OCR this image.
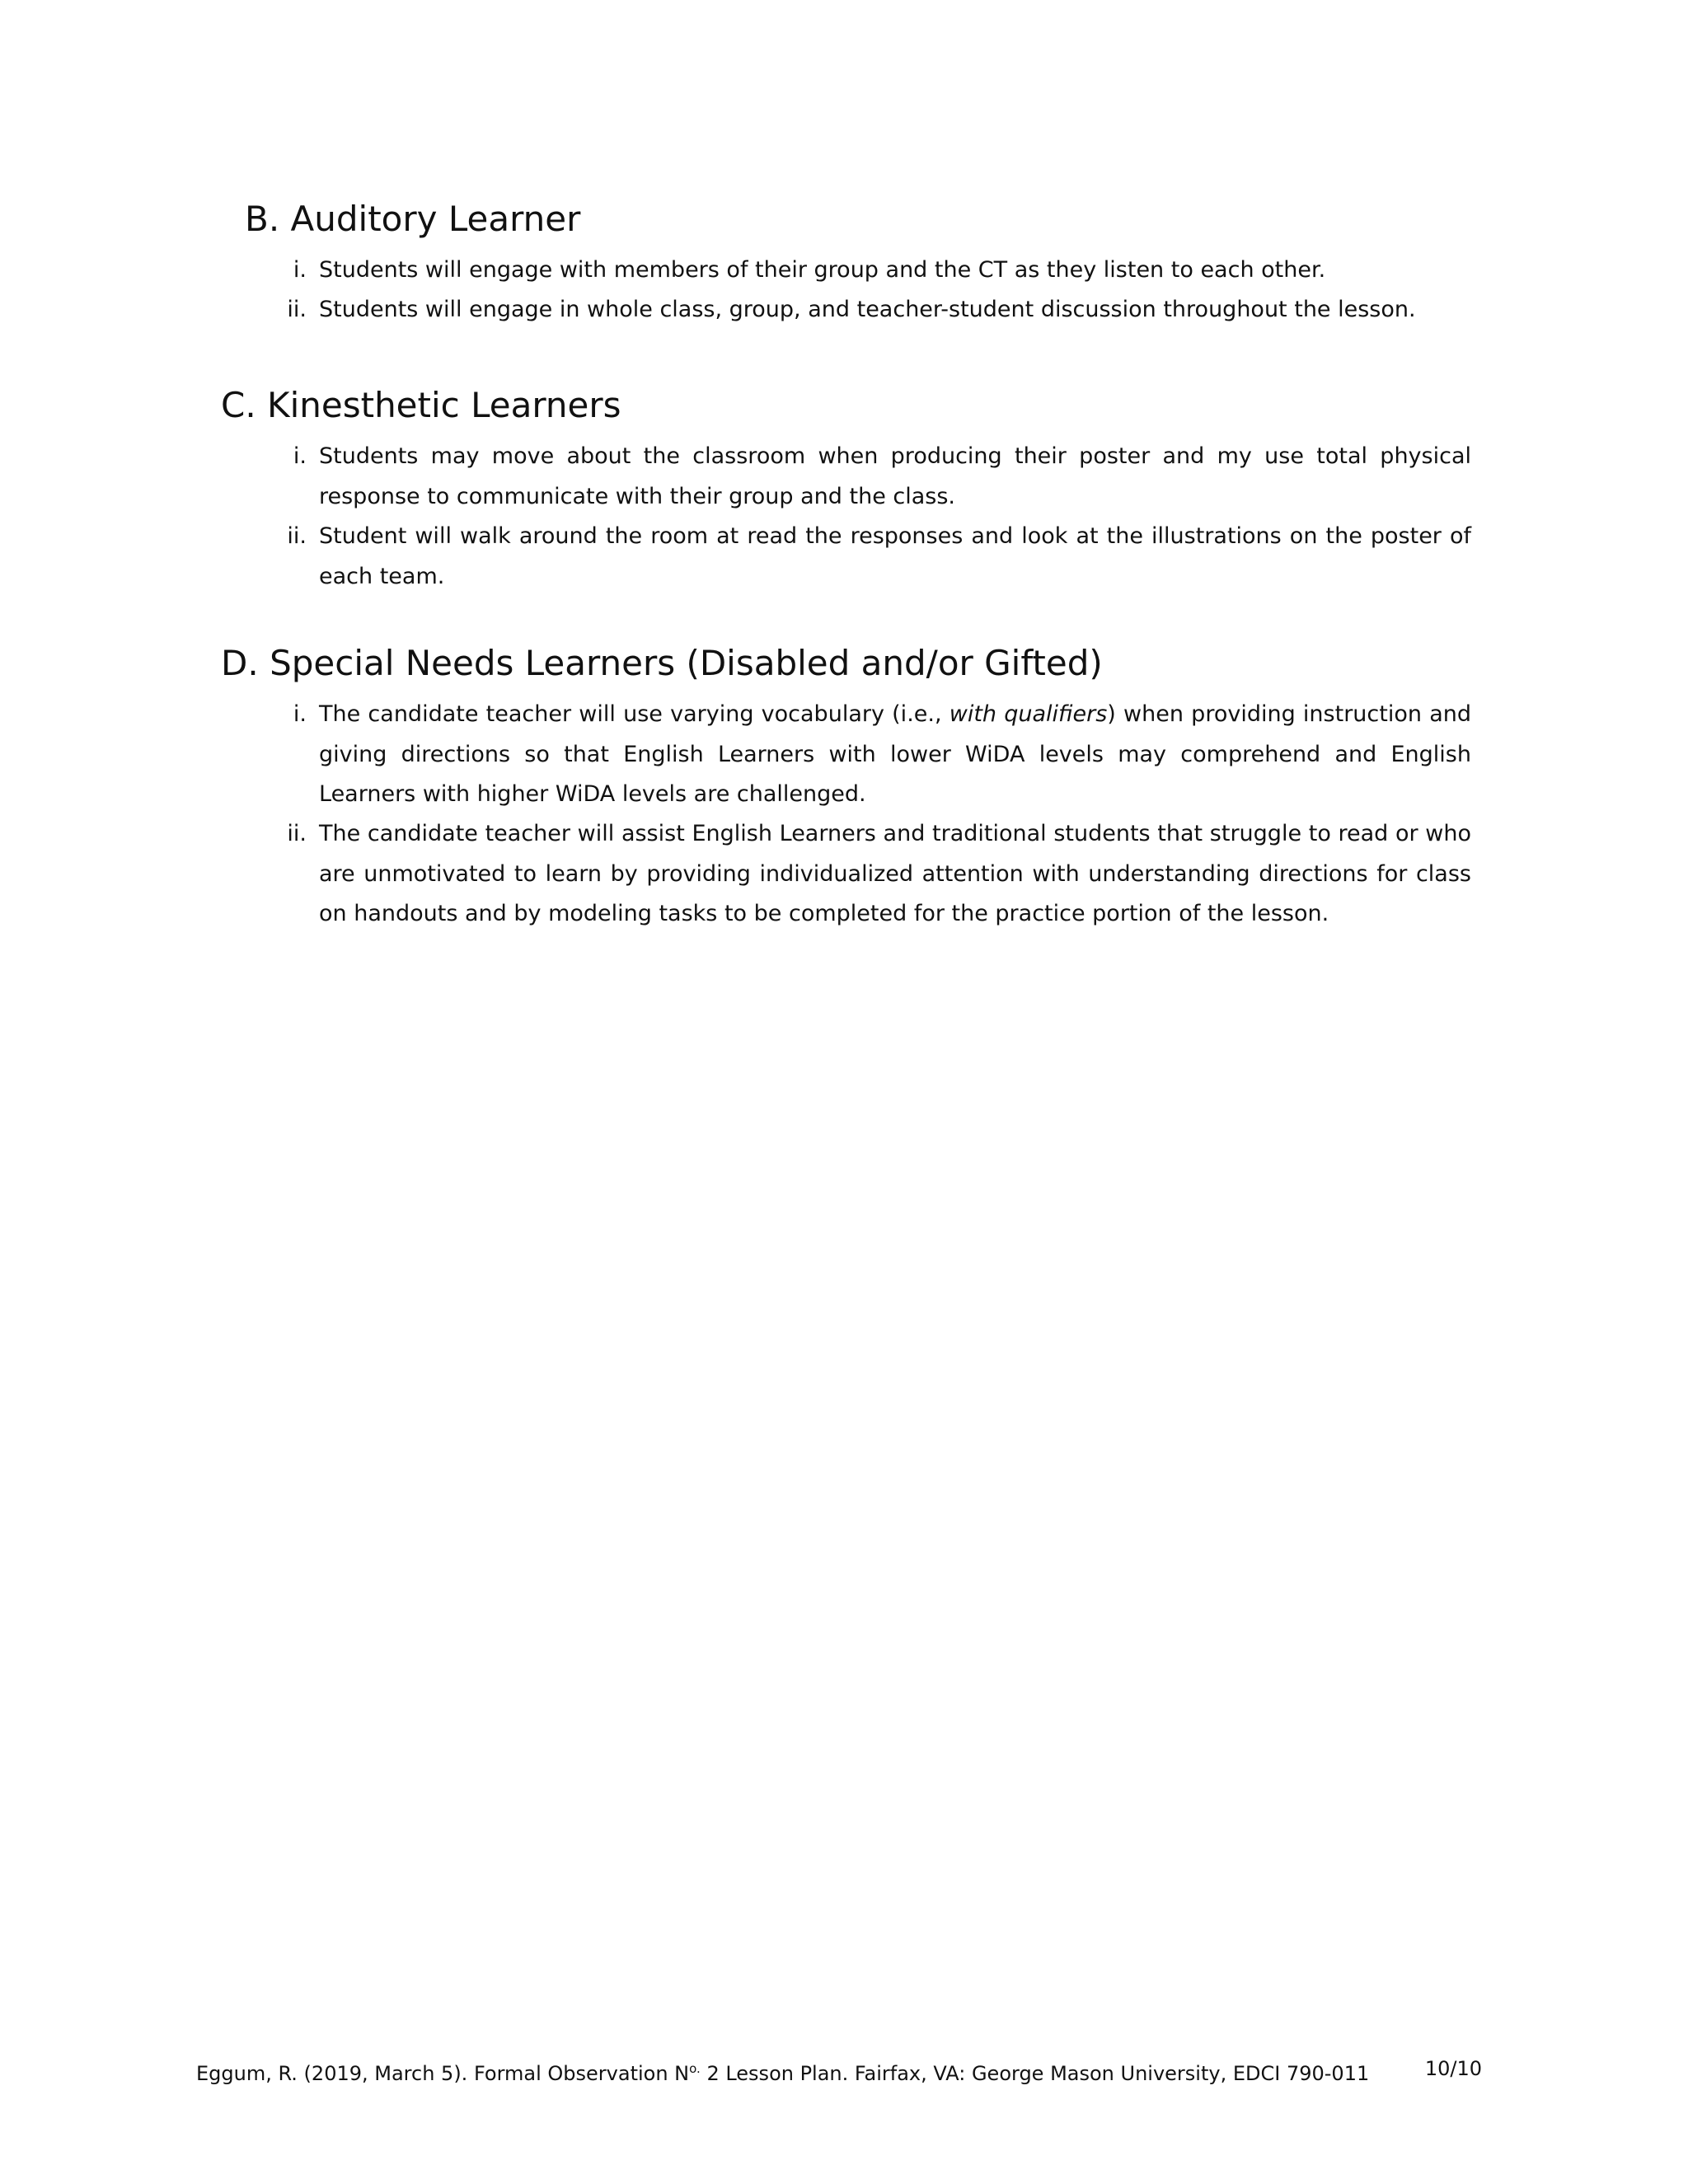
B. Auditory Learner
i. Students will engage with members of their group and the CT as they listen to each other.
ii. Students will engage in whole class, group, and teacher-student discussion throughout the lesson.
C. Kinesthetic Learners
i. Students may move about the classroom when producing their poster and my use total physical response to communicate with their group and the class.
ii. Student will walk around the room at read the responses and look at the illustrations on the poster of each team.
D. Special Needs Learners (Disabled and/or Gifted)
i. The candidate teacher will use varying vocabulary (i.e., with qualifiers) when providing instruction and giving directions so that English Learners with lower WiDA levels may comprehend and English Learners with higher WiDA levels are challenged.
ii. The candidate teacher will assist English Learners and traditional students that struggle to read or who are unmotivated to learn by providing individualized attention with understanding directions for class on handouts and by modeling tasks to be completed for the practice portion of the lesson.
Eggum, R. (2019, March 5). Formal Observation $N^{o.}$ 2 Lesson Plan. Fairfax, VA: George Mason University, EDCI 790-011	10/10
